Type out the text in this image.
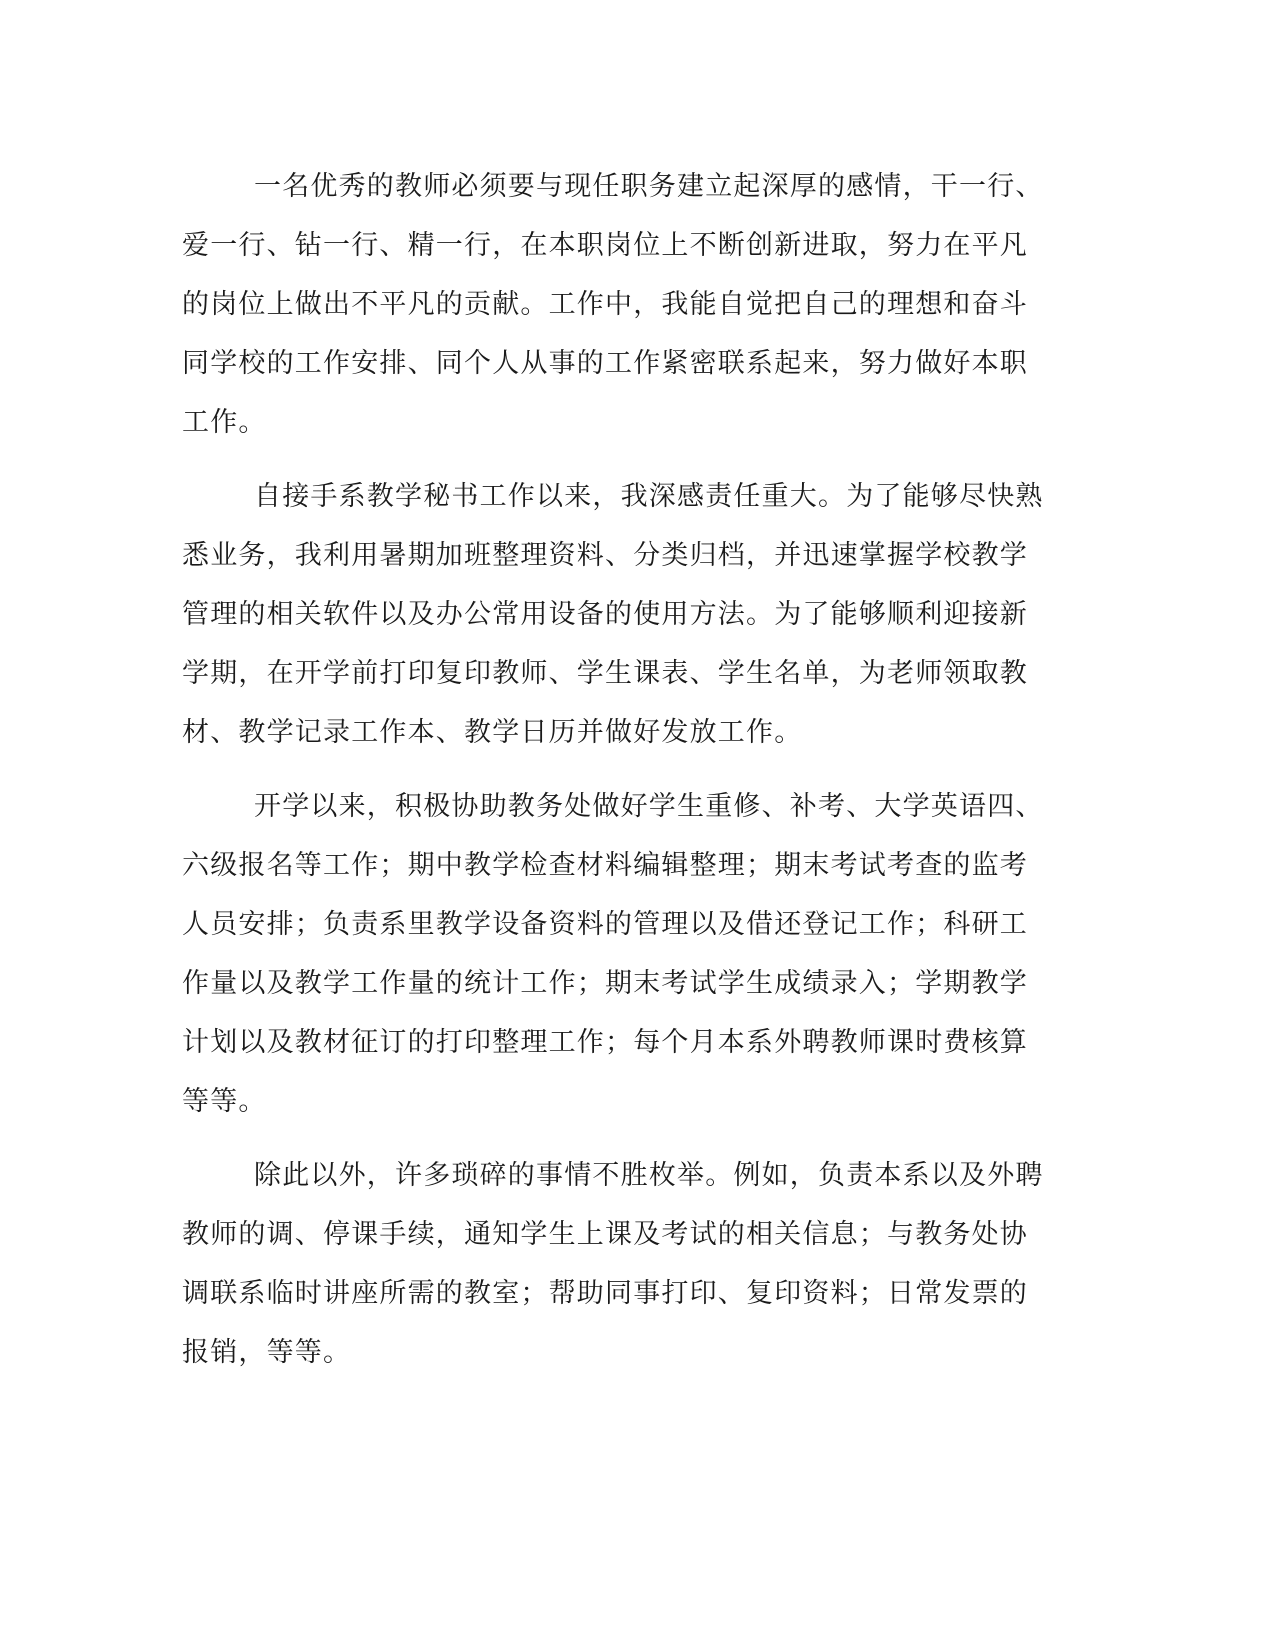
一名优秀的教师必须要与现任职务建立起深厚的感情，干一行、
爱一行、钻一行、精一行，在本职岗位上不断创新进取，努力在平凡
的岗位上做出不平凡的贡献。工作中，我能自觉把自己的理想和奋斗
同学校的工作安排、同个人从事的工作紧密联系起来，努力做好本职
工作。
自接手系教学秘书工作以来，我深感责任重大。为了能够尽快熟
悉业务，我利用暑期加班整理资料、分类归档，并迅速掌握学校教学
管理的相关软件以及办公常用设备的使用方法。为了能够顺利迎接新
学期，在开学前打印复印教师、学生课表、学生名单，为老师领取教
材、教学记录工作本、教学日历并做好发放工作。
开学以来，积极协助教务处做好学生重修、补考、大学英语四、
六级报名等工作；期中教学检查材料编辑整理；期末考试考查的监考
人员安排；负责系里教学设备资料的管理以及借还登记工作；科研工
作量以及教学工作量的统计工作；期末考试学生成绩录入；学期教学
计划以及教材征订的打印整理工作；每个月本系外聘教师课时费核算
等等。
除此以外，许多琐碎的事情不胜枚举。例如，负责本系以及外聘
教师的调、停课手续，通知学生上课及考试的相关信息；与教务处协
调联系临时讲座所需的教室；帮助同事打印、复印资料；日常发票的
报销，等等。
